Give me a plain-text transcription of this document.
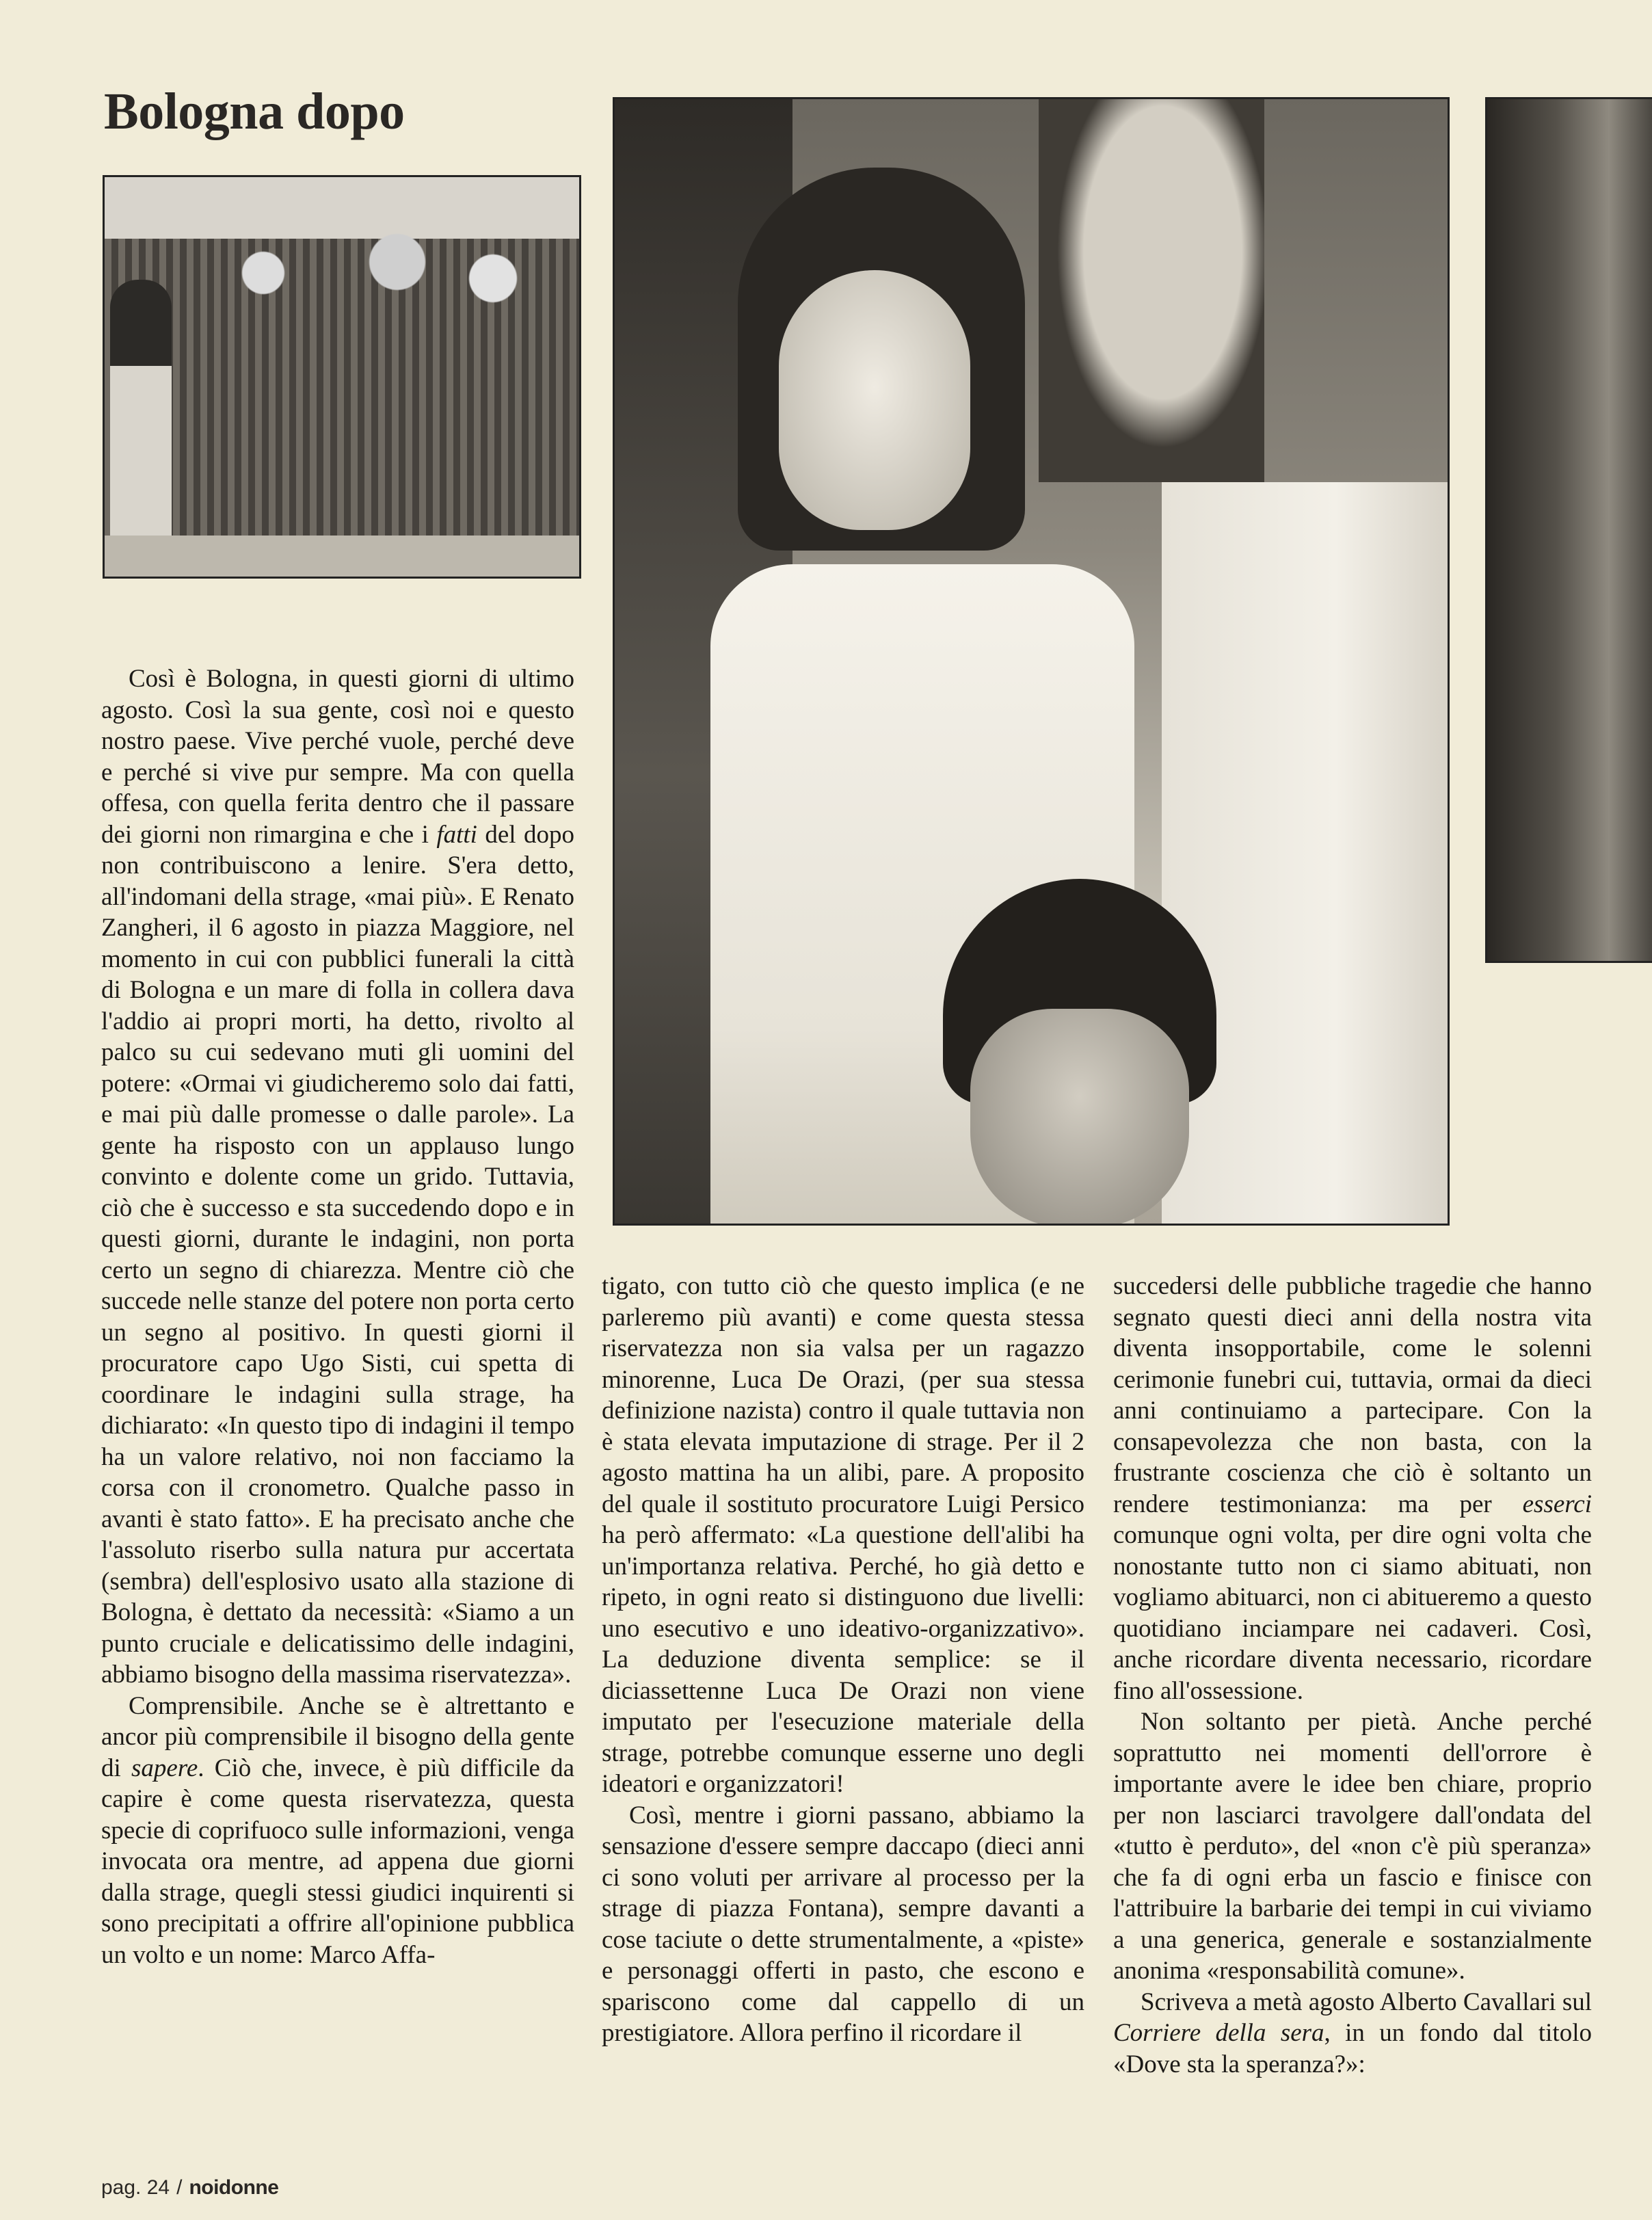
Bologna dopo

Così è Bologna, in questi giorni di ultimo agosto. Così la sua gente, così noi e questo nostro paese. Vive perché vuole, perché deve e perché si vive pur sempre. Ma con quella offesa, con quella ferita dentro che il passare dei giorni non rimargina e che i fatti del dopo non contribuiscono a lenire. S'era detto, all'indomani della strage, «mai più». E Renato Zangheri, il 6 agosto in piazza Maggiore, nel momento in cui con pubblici funerali la città di Bologna e un mare di folla in collera dava l'addio ai propri morti, ha detto, rivolto al palco su cui sedevano muti gli uomini del potere: «Ormai vi giudicheremo solo dai fatti, e mai più dalle promesse o dalle parole». La gente ha risposto con un applauso lungo convinto e dolente come un grido. Tuttavia, ciò che è successo e sta succedendo dopo e in questi giorni, durante le indagini, non porta certo un segno di chiarezza. Mentre ciò che succede nelle stanze del potere non porta certo un segno al positivo. In questi giorni il procuratore capo Ugo Sisti, cui spetta di coordinare le indagini sulla strage, ha dichiarato: «In questo tipo di indagini il tempo ha un valore relativo, noi non facciamo la corsa con il cronometro. Qualche passo in avanti è stato fatto». E ha precisato anche che l'assoluto riserbo sulla natura pur accertata (sembra) dell'esplosivo usato alla stazione di Bologna, è dettato da necessità: «Siamo a un punto cruciale e delicatissimo delle indagini, abbiamo bisogno della massima riservatezza».

Comprensibile. Anche se è altrettanto e ancor più comprensibile il bisogno della gente di sapere. Ciò che, invece, è più difficile da capire è come questa riservatezza, questa specie di coprifuoco sulle informazioni, venga invocata ora mentre, ad appena due giorni dalla strage, quegli stessi giudici inquirenti si sono precipitati a offrire all'opinione pubblica un volto e un nome: Marco Affa-

tigato, con tutto ciò che questo implica (e ne parleremo più avanti) e come questa stessa riservatezza non sia valsa per un ragazzo minorenne, Luca De Orazi, (per sua stessa definizione nazista) contro il quale tuttavia non è stata elevata imputazione di strage. Per il 2 agosto mattina ha un alibi, pare. A proposito del quale il sostituto procuratore Luigi Persico ha però affermato: «La questione dell'alibi ha un'importanza relativa. Perché, ho già detto e ripeto, in ogni reato si distinguono due livelli: uno esecutivo e uno ideativo-organizzativo». La deduzione diventa semplice: se il diciassettenne Luca De Orazi non viene imputato per l'esecuzione materiale della strage, potrebbe comunque esserne uno degli ideatori e organizzatori!

Così, mentre i giorni passano, abbiamo la sensazione d'essere sempre daccapo (dieci anni ci sono voluti per arrivare al processo per la strage di piazza Fontana), sempre davanti a cose taciute o dette strumentalmente, a «piste» e personaggi offerti in pasto, che escono e spariscono come dal cappello di un prestigiatore. Allora perfino il ricordare il

succedersi delle pubbliche tragedie che hanno segnato questi dieci anni della nostra vita diventa insopportabile, come le solenni cerimonie funebri cui, tuttavia, ormai da dieci anni continuiamo a partecipare. Con la consapevolezza che non basta, con la frustrante coscienza che ciò è soltanto un rendere testimonianza: ma per esserci comunque ogni volta, per dire ogni volta che nonostante tutto non ci siamo abituati, non vogliamo abituarci, non ci abitueremo a questo quotidiano inciampare nei cadaveri. Così, anche ricordare diventa necessario, ricordare fino all'ossessione.

Non soltanto per pietà. Anche perché soprattutto nei momenti dell'orrore è importante avere le idee ben chiare, proprio per non lasciarci travolgere dall'ondata del «tutto è perduto», del «non c'è più speranza» che fa di ogni erba un fascio e finisce con l'attribuire la barbarie dei tempi in cui viviamo a una generica, generale e sostanzialmente anonima «responsabilità comune».

Scriveva a metà agosto Alberto Cavallari sul Corriere della sera, in un fondo dal titolo «Dove sta la speranza?»:

pag. 24 / noidonne
